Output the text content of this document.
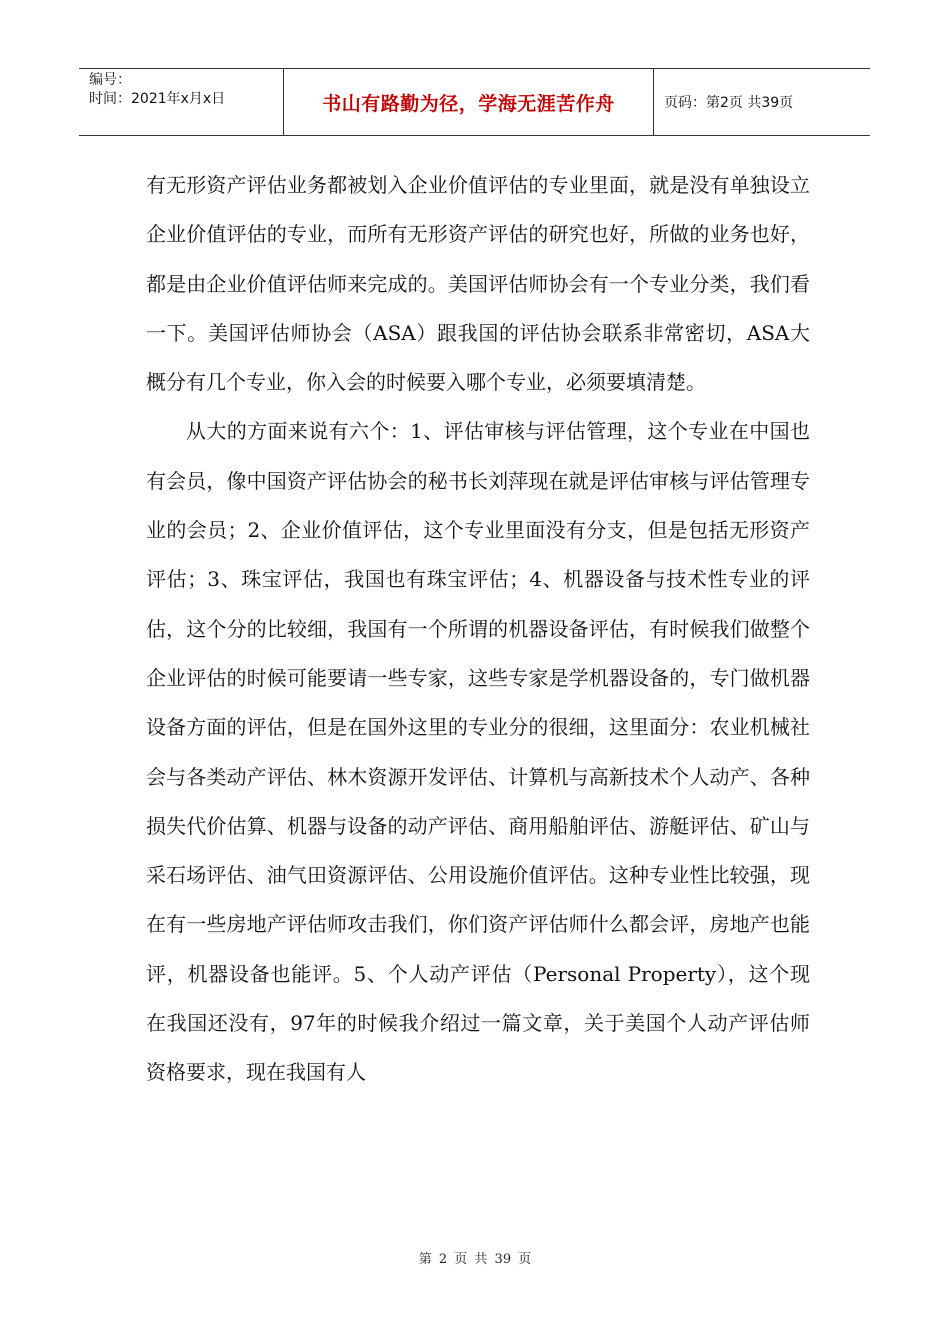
编号：
时间：2021年x月x日	书山有路勤为径，学海无涯苦作舟	页码：第2页 共39页

有无形资产评估业务都被划入企业价值评估的专业里面，就是没有单独设立企业价值评估的专业，而所有无形资产评估的研究也好，所做的业务也好，都是由企业价值评估师来完成的。美国评估师协会有一个专业分类，我们看一下。美国评估师协会（ASA）跟我国的评估协会联系非常密切，ASA大概分有几个专业，你入会的时候要入哪个专业，必须要填清楚。

从大的方面来说有六个：1、评估审核与评估管理，这个专业在中国也有会员，像中国资产评估协会的秘书长刘萍现在就是评估审核与评估管理专业的会员；2、企业价值评估，这个专业里面没有分支，但是包括无形资产评估；3、珠宝评估，我国也有珠宝评估；4、机器设备与技术性专业的评估，这个分的比较细，我国有一个所谓的机器设备评估，有时候我们做整个企业评估的时候可能要请一些专家，这些专家是学机器设备的，专门做机器设备方面的评估，但是在国外这里的专业分的很细，这里面分：农业机械社会与各类动产评估、林木资源开发评估、计算机与高新技术个人动产、各种损失代价估算、机器与设备的动产评估、商用船舶评估、游艇评估、矿山与采石场评估、油气田资源评估、公用设施价值评估。这种专业性比较强，现在有一些房地产评估师攻击我们，你们资产评估师什么都会评，房地产也能评，机器设备也能评。5、个人动产评估（Personal Property），这个现在我国还没有，97年的时候我介绍过一篇文章，关于美国个人动产评估师资格要求，现在我国有人

第 2 页 共 39 页
